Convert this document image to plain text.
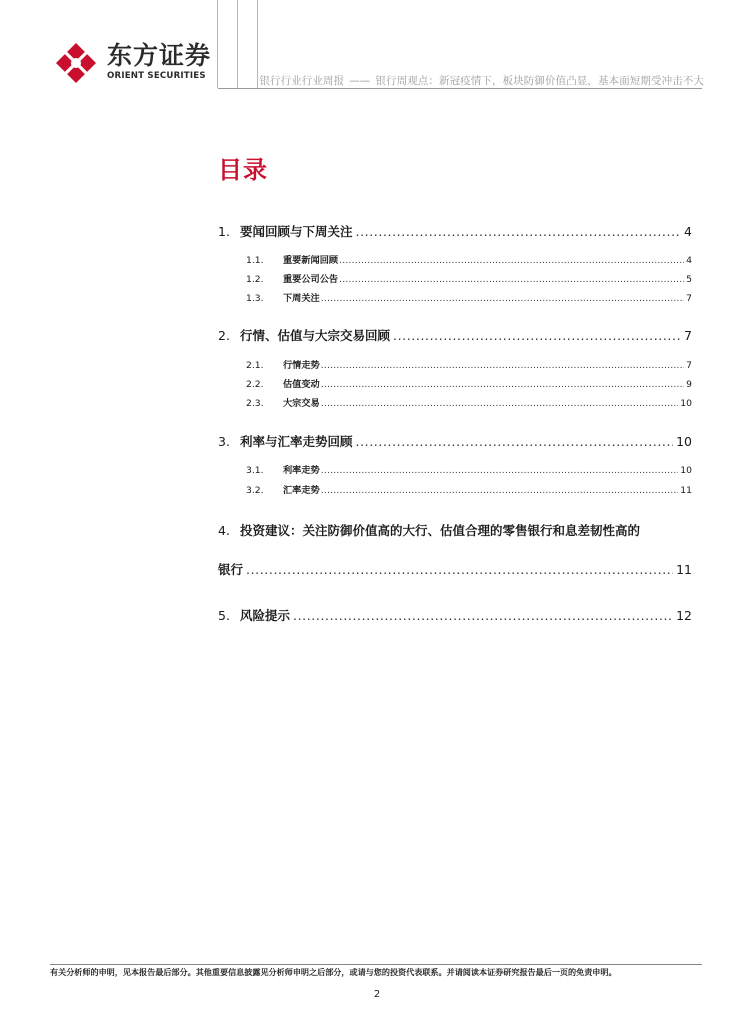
东方证券
ORIENT SECURITIES	银行行业行业周报 —— 银行周观点：新冠疫情下，板块防御价值凸显，基本面短期受冲击不大
目录
1. 要闻回顾与下周关注 .....	4
1.1. 重要新闻回顾 .....	4
1.2. 重要公司公告 .....	5
1.3. 下周关注 .....	7
2. 行情、估值与大宗交易回顾 .....	7
2.1. 行情走势 .....	7
2.2. 估值变动 .....	9
2.3. 大宗交易 .....	10
3. 利率与汇率走势回顾 .....	10
3.1. 利率走势 .....	10
3.2. 汇率走势 .....	11
4. 投资建议：关注防御价值高的大行、估值合理的零售银行和息差韧性高的
银行 .....	11
5. 风险提示 .....	12
有关分析师的申明，见本报告最后部分。其他重要信息披露见分析师申明之后部分，或请与您的投资代表联系。并请阅读本证券研究报告最后一页的免责申明。
2
